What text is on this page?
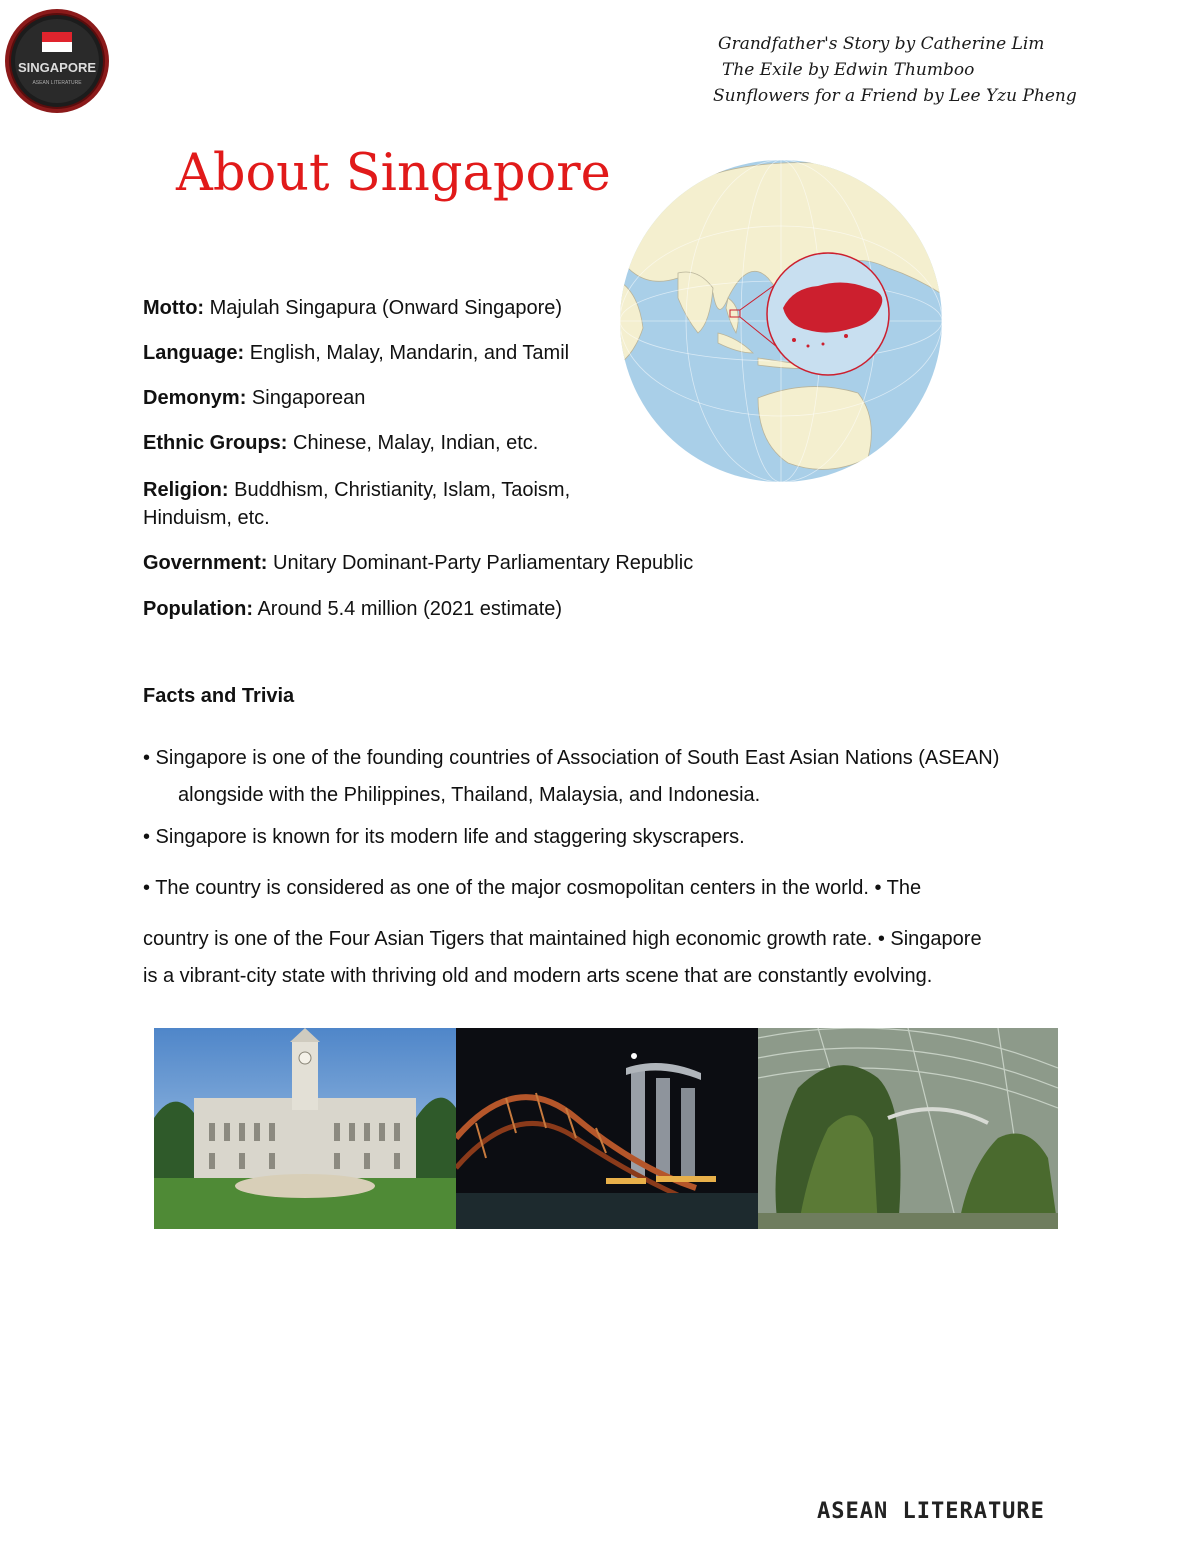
SINGAPORE
ASEAN LITERATURE
Grandfather's Story by Catherine Lim
The Exile by Edwin Thumboo
Sunflowers for a Friend by Lee Yzu Pheng
About Singapore
Motto: Majulah Singapura (Onward Singapore)
Language: English, Malay, Mandarin, and Tamil
Demonym: Singaporean
Ethnic Groups: Chinese, Malay, Indian, etc.
Religion: Buddhism, Christianity, Islam, Taoism, Hinduism, etc.
Government: Unitary Dominant-Party Parliamentary Republic
Population: Around 5.4 million (2021 estimate)
Facts and Trivia
• Singapore is one of the founding countries of Association of South East Asian Nations (ASEAN)
alongside with the Philippines, Thailand, Malaysia, and Indonesia.
• Singapore is known for its modern life and staggering skyscrapers.
• The country is considered as one of the major cosmopolitan centers in the world. • The
country is one of the Four Asian Tigers that maintained high economic growth rate. • Singapore
is a vibrant-city state with thriving old and modern arts scene that are constantly evolving.
ASEAN LITERATURE
